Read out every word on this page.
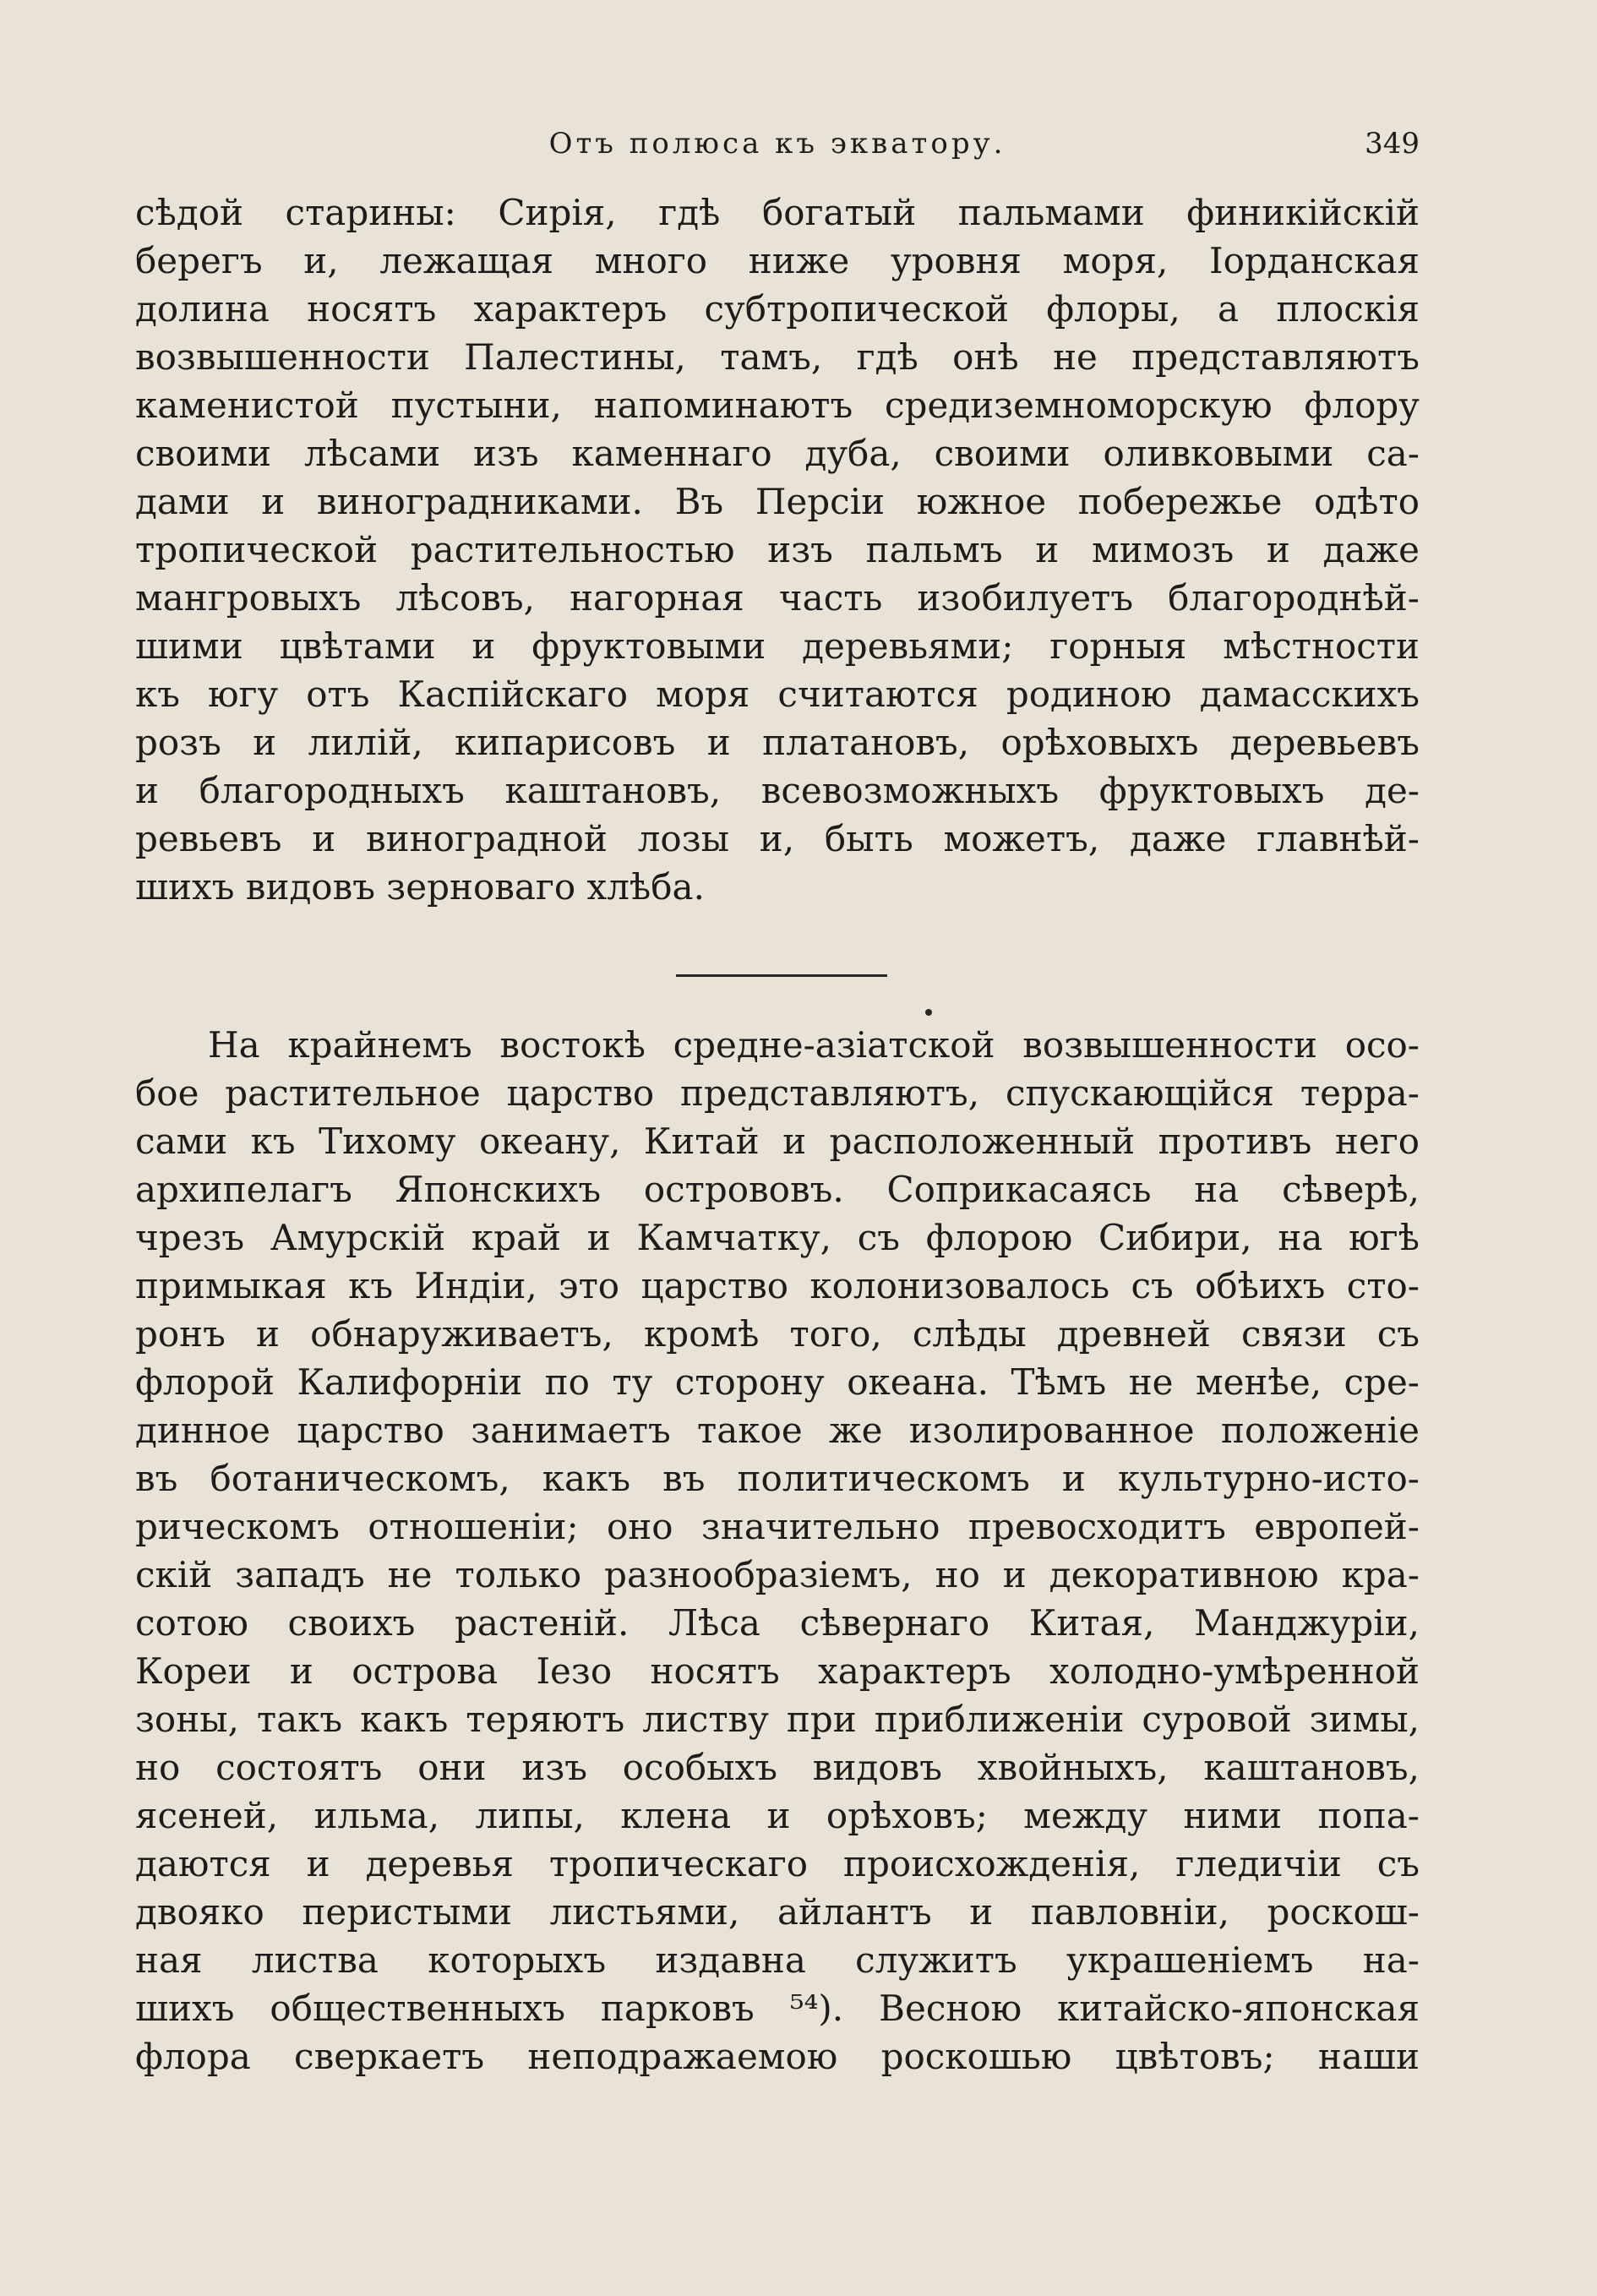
Отъ полюса къ экватору.	349
сѣдой старины: Сирія, гдѣ богатый пальмами финикійскій
берегъ и, лежащая много ниже уровня моря, Іорданская
долина носятъ характеръ субтропической флоры, а плоскія
возвышенности Палестины, тамъ, гдѣ онѣ не представляютъ
каменистой пустыни, напоминаютъ средиземноморскую флору
своими лѣсами изъ каменнаго дуба, своими оливковыми са-
дами и виноградниками. Въ Персіи южное побережье одѣто
тропической растительностью изъ пальмъ и мимозъ и даже
мангровыхъ лѣсовъ, нагорная часть изобилуетъ благороднѣй-
шими цвѣтами и фруктовыми деревьями; горныя мѣстности
къ югу отъ Каспійскаго моря считаются родиною дамасскихъ
розъ и лилій, кипарисовъ и платановъ, орѣховыхъ деревьевъ
и благородныхъ каштановъ, всевозможныхъ фруктовыхъ де-
ревьевъ и виноградной лозы и, быть можетъ, даже главнѣй-
шихъ видовъ зерноваго хлѣба.
На крайнемъ востокѣ средне-азіатской возвышенности осо-
бое растительное царство представляютъ, спускающійся терра-
сами къ Тихому океану, Китай и расположенный противъ него
архипелагъ Японскихъ острововъ. Соприкасаясь на сѣверѣ,
чрезъ Амурскій край и Камчатку, съ флорою Сибири, на югѣ
примыкая къ Индіи, это царство колонизовалось съ обѣихъ сто-
ронъ и обнаруживаетъ, кромѣ того, слѣды древней связи съ
флорой Калифорніи по ту сторону океана. Тѣмъ не менѣе, сре-
динное царство занимаетъ такое же изолированное положеніе
въ ботаническомъ, какъ въ политическомъ и культурно-исто-
рическомъ отношеніи; оно значительно превосходитъ европей-
скій западъ не только разнообразіемъ, но и декоративною кра-
сотою своихъ растеній. Лѣса сѣвернаго Китая, Манджуріи,
Кореи и острова Іезо носятъ характеръ холодно-умѣренной
зоны, такъ какъ теряютъ листву при приближеніи суровой зимы,
но состоятъ они изъ особыхъ видовъ хвойныхъ, каштановъ,
ясеней, ильма, липы, клена и орѣховъ; между ними попа-
даются и деревья тропическаго происхожденія, гледичіи съ
двояко перистыми листьями, айлантъ и павловніи, роскош-
ная листва которыхъ издавна служитъ украшеніемъ на-
шихъ общественныхъ парковъ ⁵⁴). Весною китайско-японская
флора сверкаетъ неподражаемою роскошью цвѣтовъ; наши
